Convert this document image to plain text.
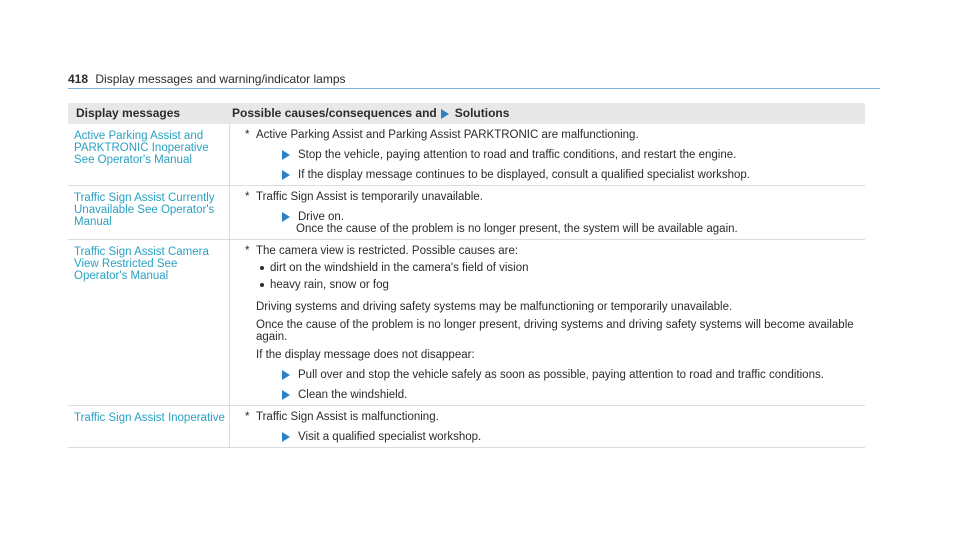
418 Display messages and warning/indicator lamps
Display messages	Possible causes/consequences and Solutions
Active Parking Assist and PARKTRONIC Inoperative See Operator's Manual
* Active Parking Assist and Parking Assist PARKTRONIC are malfunctioning.
Stop the vehicle, paying attention to road and traffic conditions, and restart the engine.
If the display message continues to be displayed, consult a qualified specialist workshop.
Traffic Sign Assist Currently Unavailable See Operator's Manual
* Traffic Sign Assist is temporarily unavailable.
Drive on.
Once the cause of the problem is no longer present, the system will be available again.
Traffic Sign Assist Camera View Restricted See Operator's Manual
* The camera view is restricted. Possible causes are:
dirt on the windshield in the camera's field of vision
heavy rain, snow or fog
Driving systems and driving safety systems may be malfunctioning or temporarily unavailable.
Once the cause of the problem is no longer present, driving systems and driving safety systems will become available again.
If the display message does not disappear:
Pull over and stop the vehicle safely as soon as possible, paying attention to road and traffic conditions.
Clean the windshield.
Traffic Sign Assist Inoperative
*	Traffic Sign Assist is malfunctioning.
Visit a qualified specialist workshop.
